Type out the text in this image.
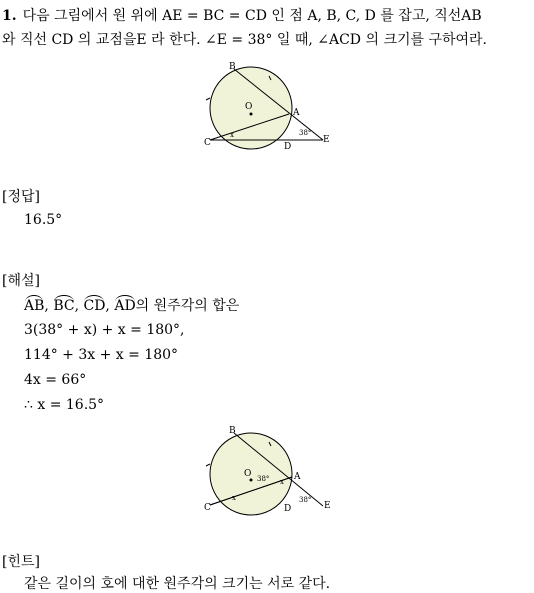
1. 다음 그림에서 원 위에 AE = BC = CD 인 점 A, B, C, D 를 잡고, 직선AB
와 직선 CD 의 교점을E 라 한다. ∠E = 38° 일 때, ∠ACD 의 크기를 구하여라.
B
O
A
C	D
E
x	38°
[정답]
16.5°
[해설]
AB, BC, CD, AD의 원주각의 합은
3(38° + x) + x = 180°,
114° + 3x + x = 180°
4x = 66°
∴ x = 16.5°
B
O	A
C	D	E
x
38° x
38°
[힌트]
같은 길이의 호에 대한 원주각의 크기는 서로 같다.
